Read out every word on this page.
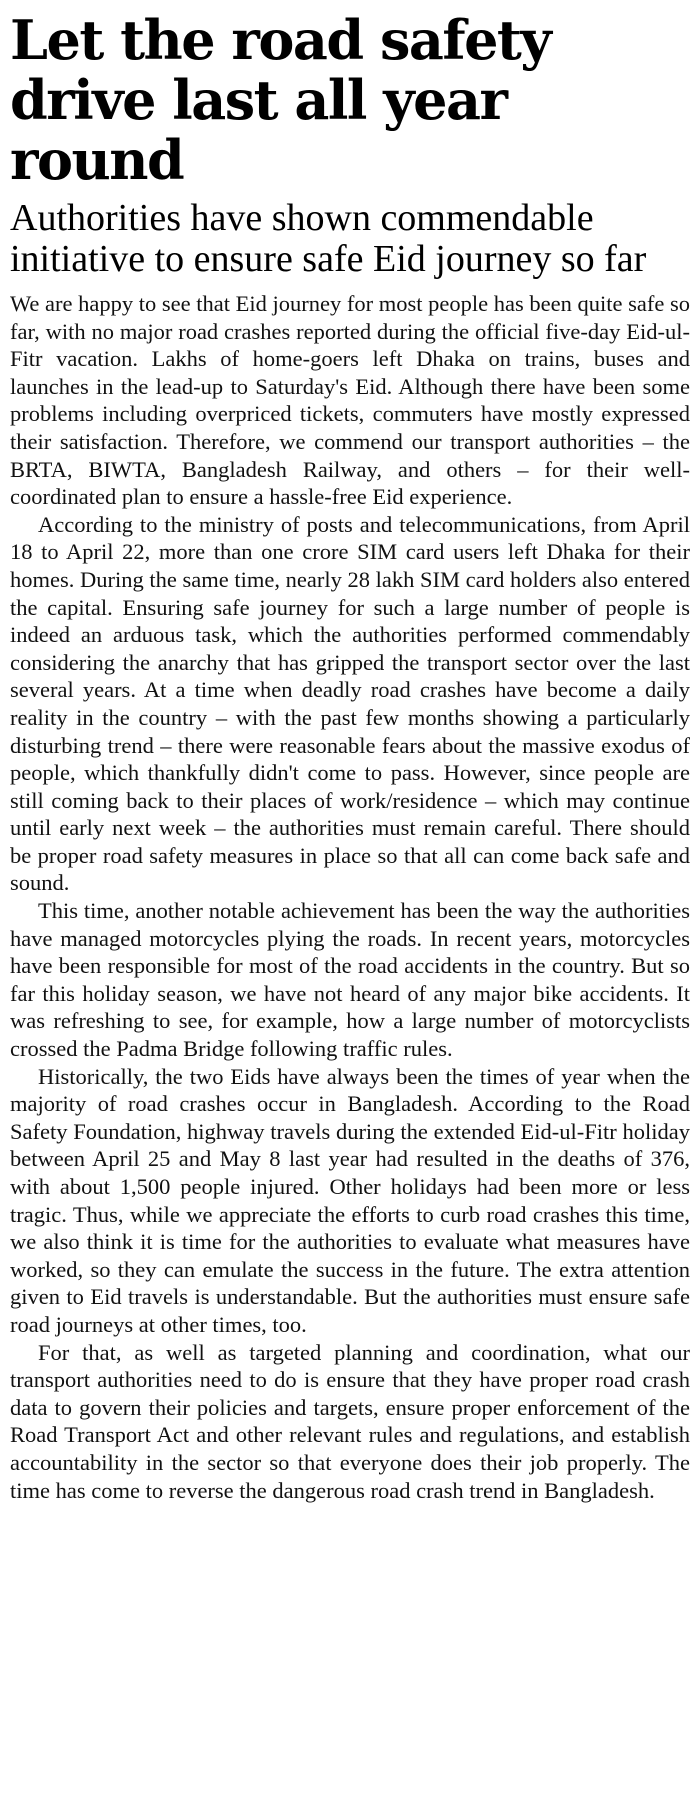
Let the road safety drive last all year round
Authorities have shown commendable initiative to ensure safe Eid journey so far

We are happy to see that Eid journey for most people has been quite safe so far, with no major road crashes reported during the official five-day Eid-ul-Fitr vacation. Lakhs of home-goers left Dhaka on trains, buses and launches in the lead-up to Saturday's Eid. Although there have been some problems including overpriced tickets, commuters have mostly expressed their satisfaction. Therefore, we commend our transport authorities – the BRTA, BIWTA, Bangladesh Railway, and others – for their well-coordinated plan to ensure a hassle-free Eid experience.

According to the ministry of posts and telecommunications, from April 18 to April 22, more than one crore SIM card users left Dhaka for their homes. During the same time, nearly 28 lakh SIM card holders also entered the capital. Ensuring safe journey for such a large number of people is indeed an arduous task, which the authorities performed commendably considering the anarchy that has gripped the transport sector over the last several years. At a time when deadly road crashes have become a daily reality in the country – with the past few months showing a particularly disturbing trend – there were reasonable fears about the massive exodus of people, which thankfully didn't come to pass. However, since people are still coming back to their places of work/residence – which may continue until early next week – the authorities must remain careful. There should be proper road safety measures in place so that all can come back safe and sound.

This time, another notable achievement has been the way the authorities have managed motorcycles plying the roads. In recent years, motorcycles have been responsible for most of the road accidents in the country. But so far this holiday season, we have not heard of any major bike accidents. It was refreshing to see, for example, how a large number of motorcyclists crossed the Padma Bridge following traffic rules.

Historically, the two Eids have always been the times of year when the majority of road crashes occur in Bangladesh. According to the Road Safety Foundation, highway travels during the extended Eid-ul-Fitr holiday between April 25 and May 8 last year had resulted in the deaths of 376, with about 1,500 people injured. Other holidays had been more or less tragic. Thus, while we appreciate the efforts to curb road crashes this time, we also think it is time for the authorities to evaluate what measures have worked, so they can emulate the success in the future. The extra attention given to Eid travels is understandable. But the authorities must ensure safe road journeys at other times, too.

For that, as well as targeted planning and coordination, what our transport authorities need to do is ensure that they have proper road crash data to govern their policies and targets, ensure proper enforcement of the Road Transport Act and other relevant rules and regulations, and establish accountability in the sector so that everyone does their job properly. The time has come to reverse the dangerous road crash trend in Bangladesh.
